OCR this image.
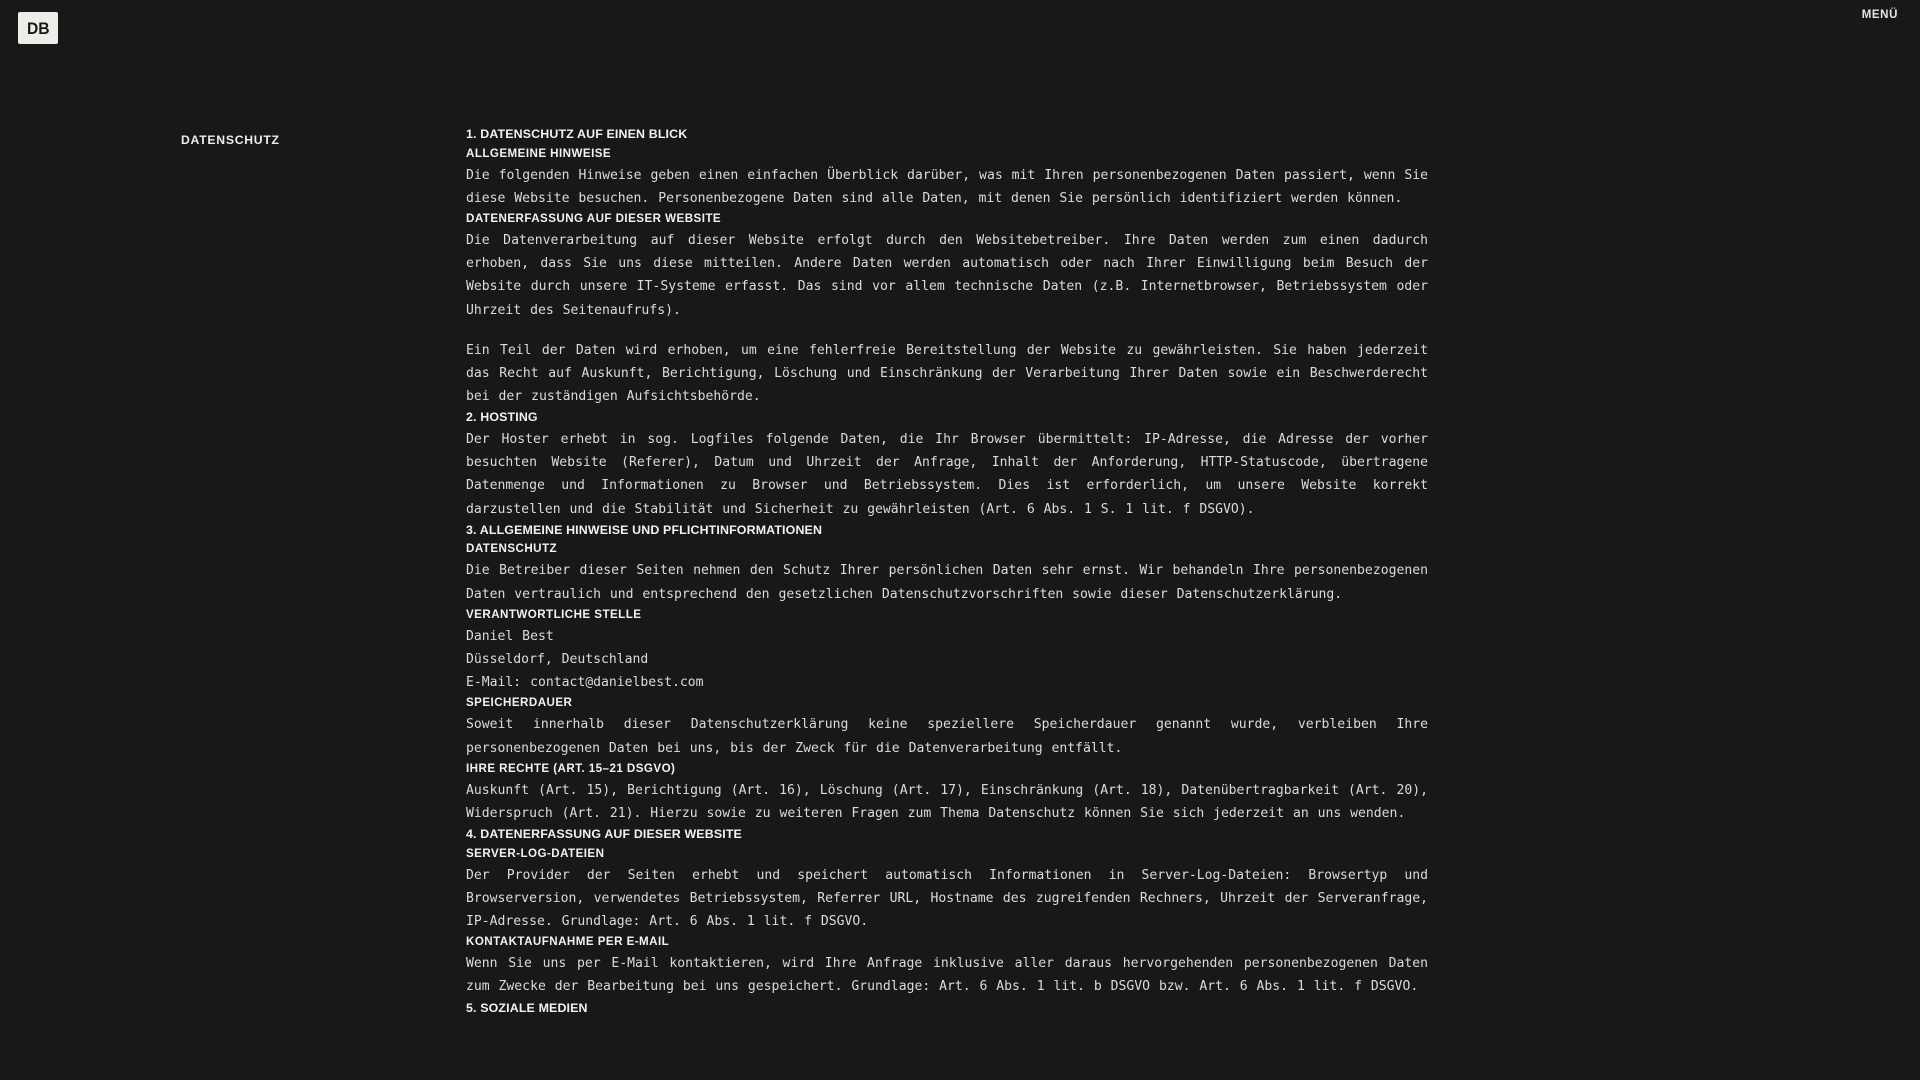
DB
MENÜ
DATENSCHUTZ	1. DATENSCHUTZ AUF EINEN BLICK
ALLGEMEINE HINWEISE

Die folgenden Hinweise geben einen einfachen Überblick darüber, was mit Ihren personenbezogenen Daten passiert, wenn Sie diese Website besuchen. Personenbezogene Daten sind alle Daten, mit denen Sie persönlich identifiziert werden können.

DATENERFASSUNG AUF DIESER WEBSITE

Die Datenverarbeitung auf dieser Website erfolgt durch den Websitebetreiber. Ihre Daten werden zum einen dadurch erhoben, dass Sie uns diese mitteilen. Andere Daten werden automatisch oder nach Ihrer Einwilligung beim Besuch der Website durch unsere IT-Systeme erfasst. Das sind vor allem technische Daten (z.B. Internetbrowser, Betriebssystem oder Uhrzeit des Seitenaufrufs).

Ein Teil der Daten wird erhoben, um eine fehlerfreie Bereitstellung der Website zu gewährleisten. Sie haben jederzeit das Recht auf Auskunft, Berichtigung, Löschung und Einschränkung der Verarbeitung Ihrer Daten sowie ein Beschwerderecht bei der zuständigen Aufsichtsbehörde.

2. HOSTING

Der Hoster erhebt in sog. Logfiles folgende Daten, die Ihr Browser übermittelt: IP-Adresse, die Adresse der vorher besuchten Website (Referer), Datum und Uhrzeit der Anfrage, Inhalt der Anforderung, HTTP-Statuscode, übertragene Datenmenge und Informationen zu Browser und Betriebssystem. Dies ist erforderlich, um unsere Website korrekt darzustellen und die Stabilität und Sicherheit zu gewährleisten (Art. 6 Abs. 1 S. 1 lit. f DSGVO).

3. ALLGEMEINE HINWEISE UND PFLICHTINFORMATIONEN
DATENSCHUTZ

Die Betreiber dieser Seiten nehmen den Schutz Ihrer persönlichen Daten sehr ernst. Wir behandeln Ihre personenbezogenen Daten vertraulich und entsprechend den gesetzlichen Datenschutzvorschriften sowie dieser Datenschutzerklärung.

VERANTWORTLICHE STELLE

Daniel Best

Düsseldorf, Deutschland

E-Mail: contact@danielbest.com

SPEICHERDAUER

Soweit innerhalb dieser Datenschutzerklärung keine speziellere Speicherdauer genannt wurde, verbleiben Ihre personenbezogenen Daten bei uns, bis der Zweck für die Datenverarbeitung entfällt.

IHRE RECHTE (ART. 15–21 DSGVO)

Auskunft (Art. 15), Berichtigung (Art. 16), Löschung (Art. 17), Einschränkung (Art. 18), Datenübertragbarkeit (Art. 20), Widerspruch (Art. 21). Hierzu sowie zu weiteren Fragen zum Thema Datenschutz können Sie sich jederzeit an uns wenden.

4. DATENERFASSUNG AUF DIESER WEBSITE
SERVER-LOG-DATEIEN

Der Provider der Seiten erhebt und speichert automatisch Informationen in Server-Log-Dateien: Browsertyp und Browserversion, verwendetes Betriebssystem, Referrer URL, Hostname des zugreifenden Rechners, Uhrzeit der Serveranfrage, IP-Adresse. Grundlage: Art. 6 Abs. 1 lit. f DSGVO.

KONTAKTAUFNAHME PER E-MAIL

Wenn Sie uns per E-Mail kontaktieren, wird Ihre Anfrage inklusive aller daraus hervorgehenden personenbezogenen Daten zum Zwecke der Bearbeitung bei uns gespeichert. Grundlage: Art. 6 Abs. 1 lit. b DSGVO bzw. Art. 6 Abs. 1 lit. f DSGVO.

5. SOZIALE MEDIEN
